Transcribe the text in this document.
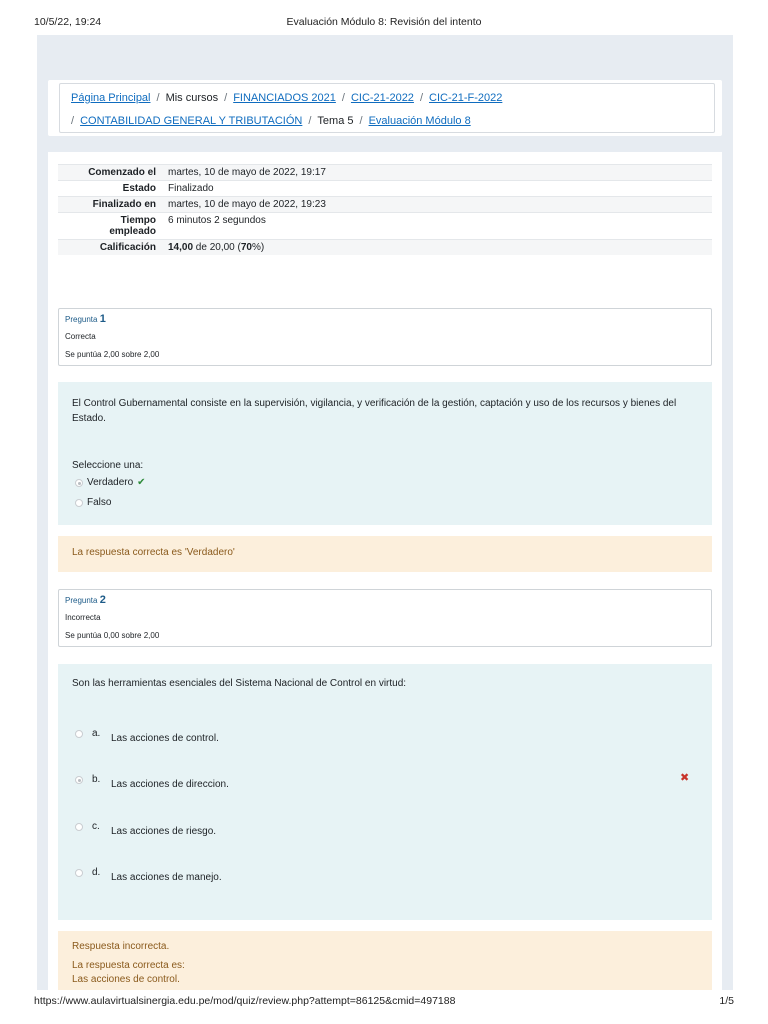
10/5/22, 19:24	Evaluación Módulo 8: Revisión del intento
Página Principal / Mis cursos / FINANCIADOS 2021 / CIC-21-2022 / CIC-21-F-2022
/ CONTABILIDAD GENERAL Y TRIBUTACIÓN / Tema 5 / Evaluación Módulo 8
Comenzado el	martes, 10 de mayo de 2022, 19:17
Estado	Finalizado
Finalizado en	martes, 10 de mayo de 2022, 19:23
Tiempo
empleado	6 minutos 2 segundos
Calificación	14,00 de 20,00 (70%)
Pregunta 1
Correcta
Se puntúa 2,00 sobre 2,00
El Control Gubernamental consiste en la supervisión, vigilancia, y verificación de la gestión, captación y uso de los recursos y bienes del Estado.
Seleccione una:
Verdadero ✔
Falso
La respuesta correcta es 'Verdadero'
Pregunta 2
Incorrecta
Se puntúa 0,00 sobre 2,00
Son las herramientas esenciales del Sistema Nacional de Control en virtud:
a. Las acciones de control.
b. Las acciones de direccion.
✖
c. Las acciones de riesgo.
d. Las acciones de manejo.
Respuesta incorrecta.
La respuesta correcta es:
Las acciones de control.
https://www.aulavirtualsinergia.edu.pe/mod/quiz/review.php?attempt=86125&cmid=497188	1/5
